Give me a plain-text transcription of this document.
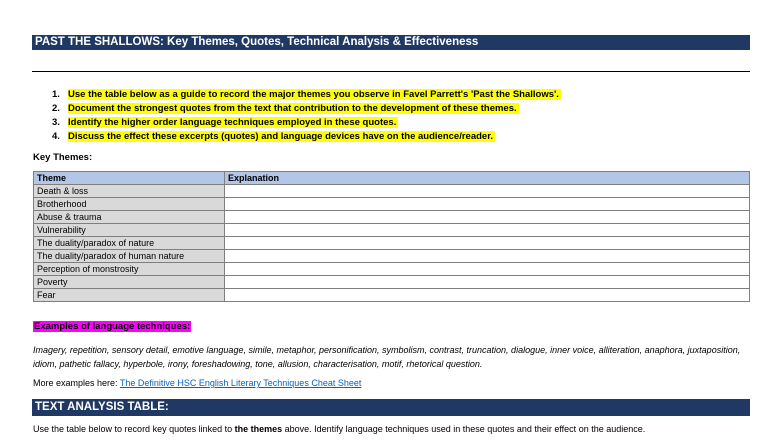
PAST THE SHALLOWS: Key Themes, Quotes, Technical Analysis & Effectiveness
1. Use the table below as a guide to record the major themes you observe in Favel Parrett's 'Past the Shallows'.
2. Document the strongest quotes from the text that contribution to the development of these themes.
3. Identify the higher order language techniques employed in these quotes.
4. Discuss the effect these excerpts (quotes) and language devices have on the audience/reader.
Key Themes:
Theme	Explanation
Death & loss	
Brotherhood	
Abuse & trauma	
Vulnerability	
The duality/paradox of nature	
The duality/paradox of human nature	
Perception of monstrosity	
Poverty	
Fear	
Examples of language techniques:

Imagery, repetition, sensory detail, emotive language, simile, metaphor, personification, symbolism, contrast, truncation, dialogue, inner voice, alliteration, anaphora, juxtaposition, idiom, pathetic fallacy, hyperbole, irony, foreshadowing, tone, allusion, characterisation, motif, rhetorical question.

More examples here: The Definitive HSC English Literary Techniques Cheat Sheet
TEXT ANALYSIS TABLE:
Use the table below to record key quotes linked to the themes above. Identify language techniques used in these quotes and their effect on the audience.
